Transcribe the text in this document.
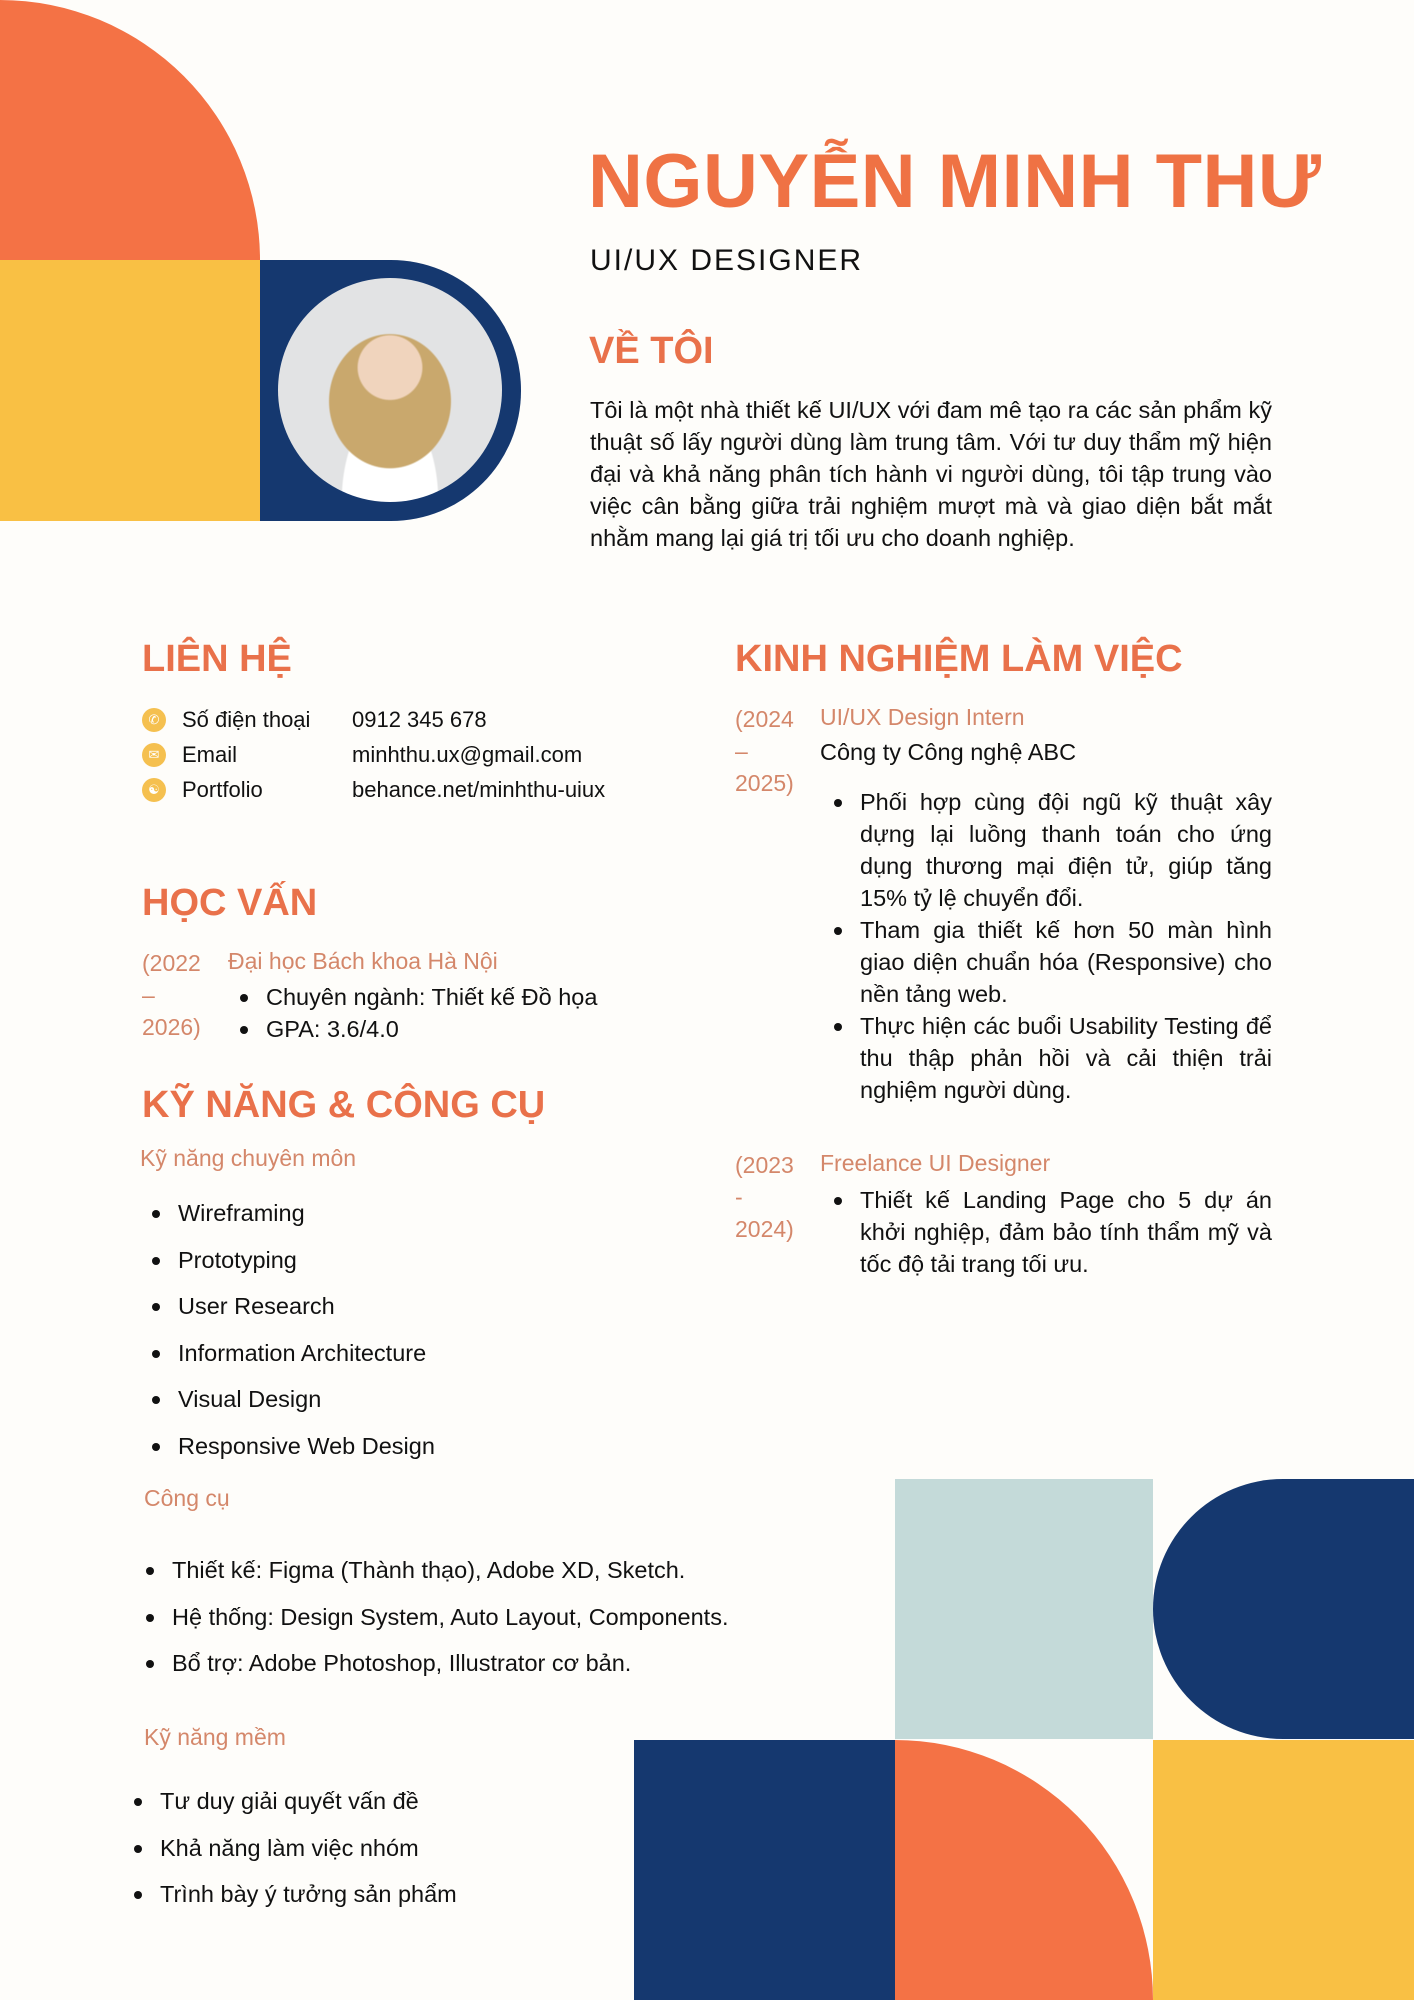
NGUYỄN MINH THƯ
UI/UX DESIGNER
VỀ TÔI
Tôi là một nhà thiết kế UI/UX với đam mê tạo ra các sản phẩm kỹ thuật số lấy người dùng làm trung tâm. Với tư duy thẩm mỹ hiện đại và khả năng phân tích hành vi người dùng, tôi tập trung vào việc cân bằng giữa trải nghiệm mượt mà và giao diện bắt mắt nhằm mang lại giá trị tối ưu cho doanh nghiệp.
LIÊN HỆ
✆ Số điện thoại	0912 345 678
✉ Email	minhthu.ux@gmail.com
☯ Portfolio	behance.net/minhthu-uiux
HỌC VẤN
(2022
–
2026)
Đại học Bách khoa Hà Nội
Chuyên ngành: Thiết kế Đồ họa
GPA: 3.6/4.0
KỸ NĂNG & CÔNG CỤ
Kỹ năng chuyên môn
Wireframing
Prototyping
User Research
Information Architecture
Visual Design
Responsive Web Design
Công cụ
Thiết kế: Figma (Thành thạo), Adobe XD, Sketch.
Hệ thống: Design System, Auto Layout, Components.
Bổ trợ: Adobe Photoshop, Illustrator cơ bản.
Kỹ năng mềm
Tư duy giải quyết vấn đề
Khả năng làm việc nhóm
Trình bày ý tưởng sản phẩm
KINH NGHIỆM LÀM VIỆC
(2024
–
2025)
UI/UX Design Intern
Công ty Công nghệ ABC
Phối hợp cùng đội ngũ kỹ thuật xây dựng lại luồng thanh toán cho ứng dụng thương mại điện tử, giúp tăng 15% tỷ lệ chuyển đổi.
Tham gia thiết kế hơn 50 màn hình giao diện chuẩn hóa (Responsive) cho nền tảng web.
Thực hiện các buổi Usability Testing để thu thập phản hồi và cải thiện trải nghiệm người dùng.
(2023
-
2024)
Freelance UI Designer
Thiết kế Landing Page cho 5 dự án khởi nghiệp, đảm bảo tính thẩm mỹ và tốc độ tải trang tối ưu.
